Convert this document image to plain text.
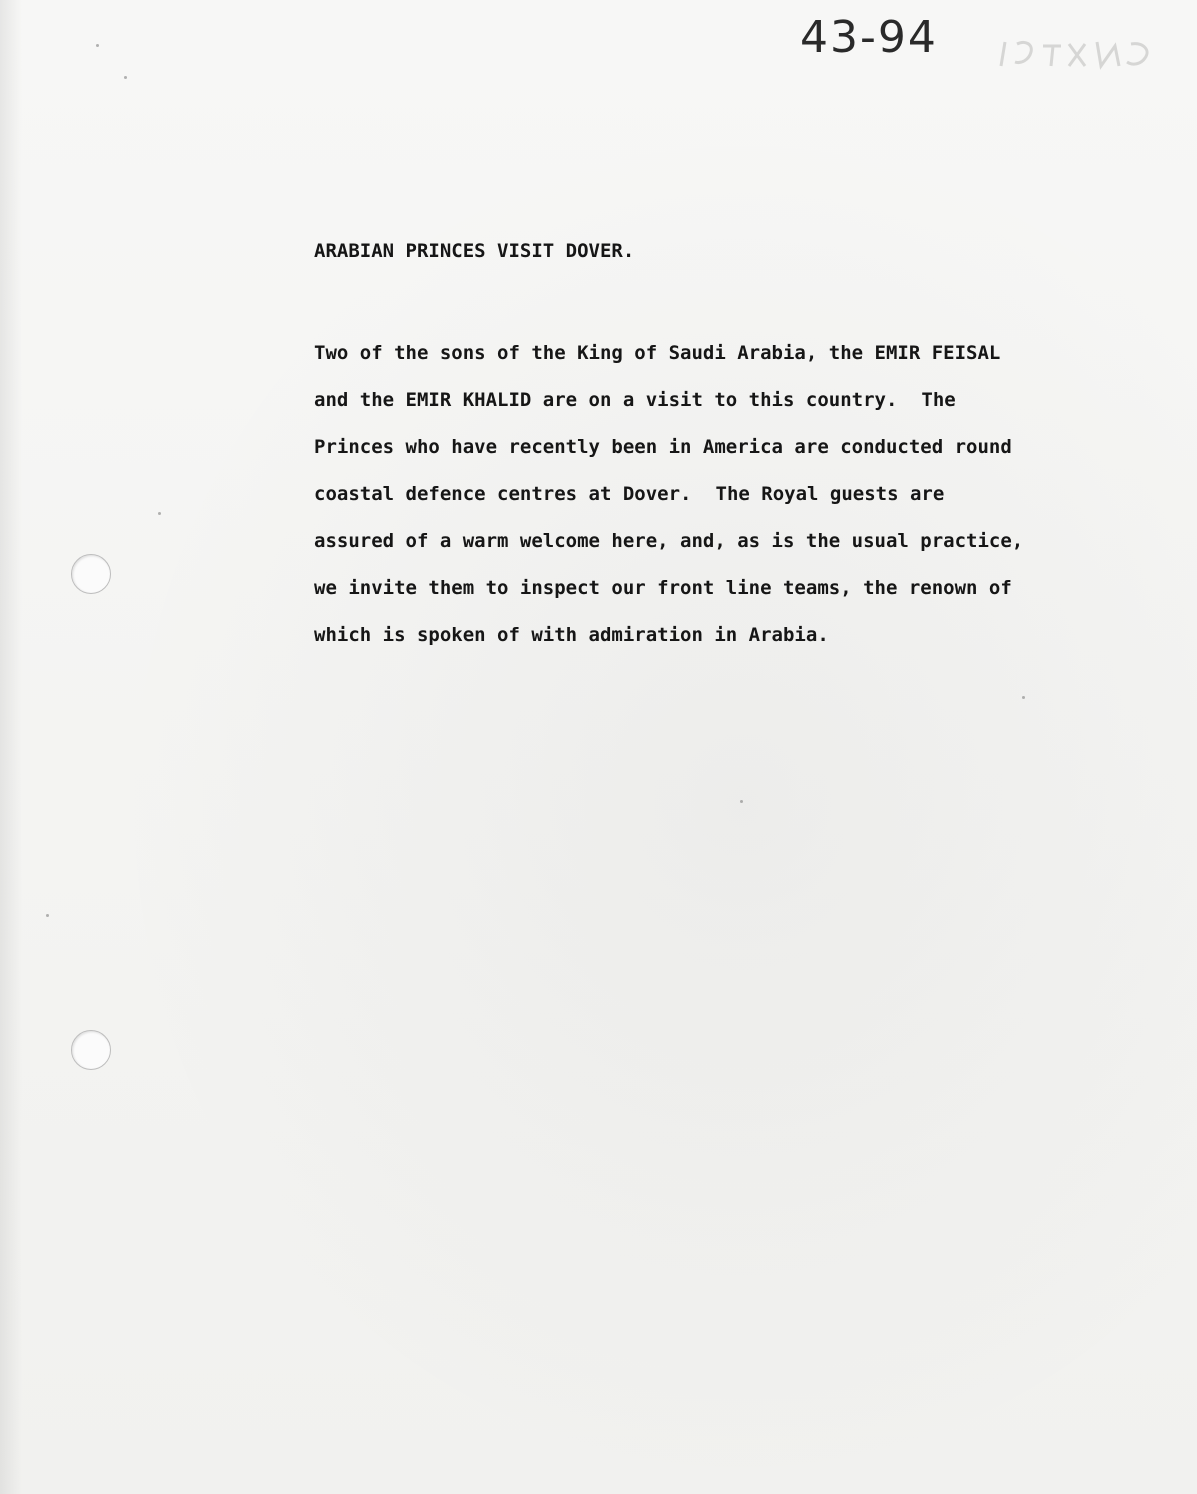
43-94

ARABIAN PRINCES VISIT DOVER.

Two of the sons of the King of Saudi Arabia, the EMIR FEISAL
and the EMIR KHALID are on a visit to this country. The
Princes who have recently been in America are conducted round
coastal defence centres at Dover. The Royal guests are
assured of a warm welcome here, and, as is the usual practice,
we invite them to inspect our front line teams, the renown of
which is spoken of with admiration in Arabia.
